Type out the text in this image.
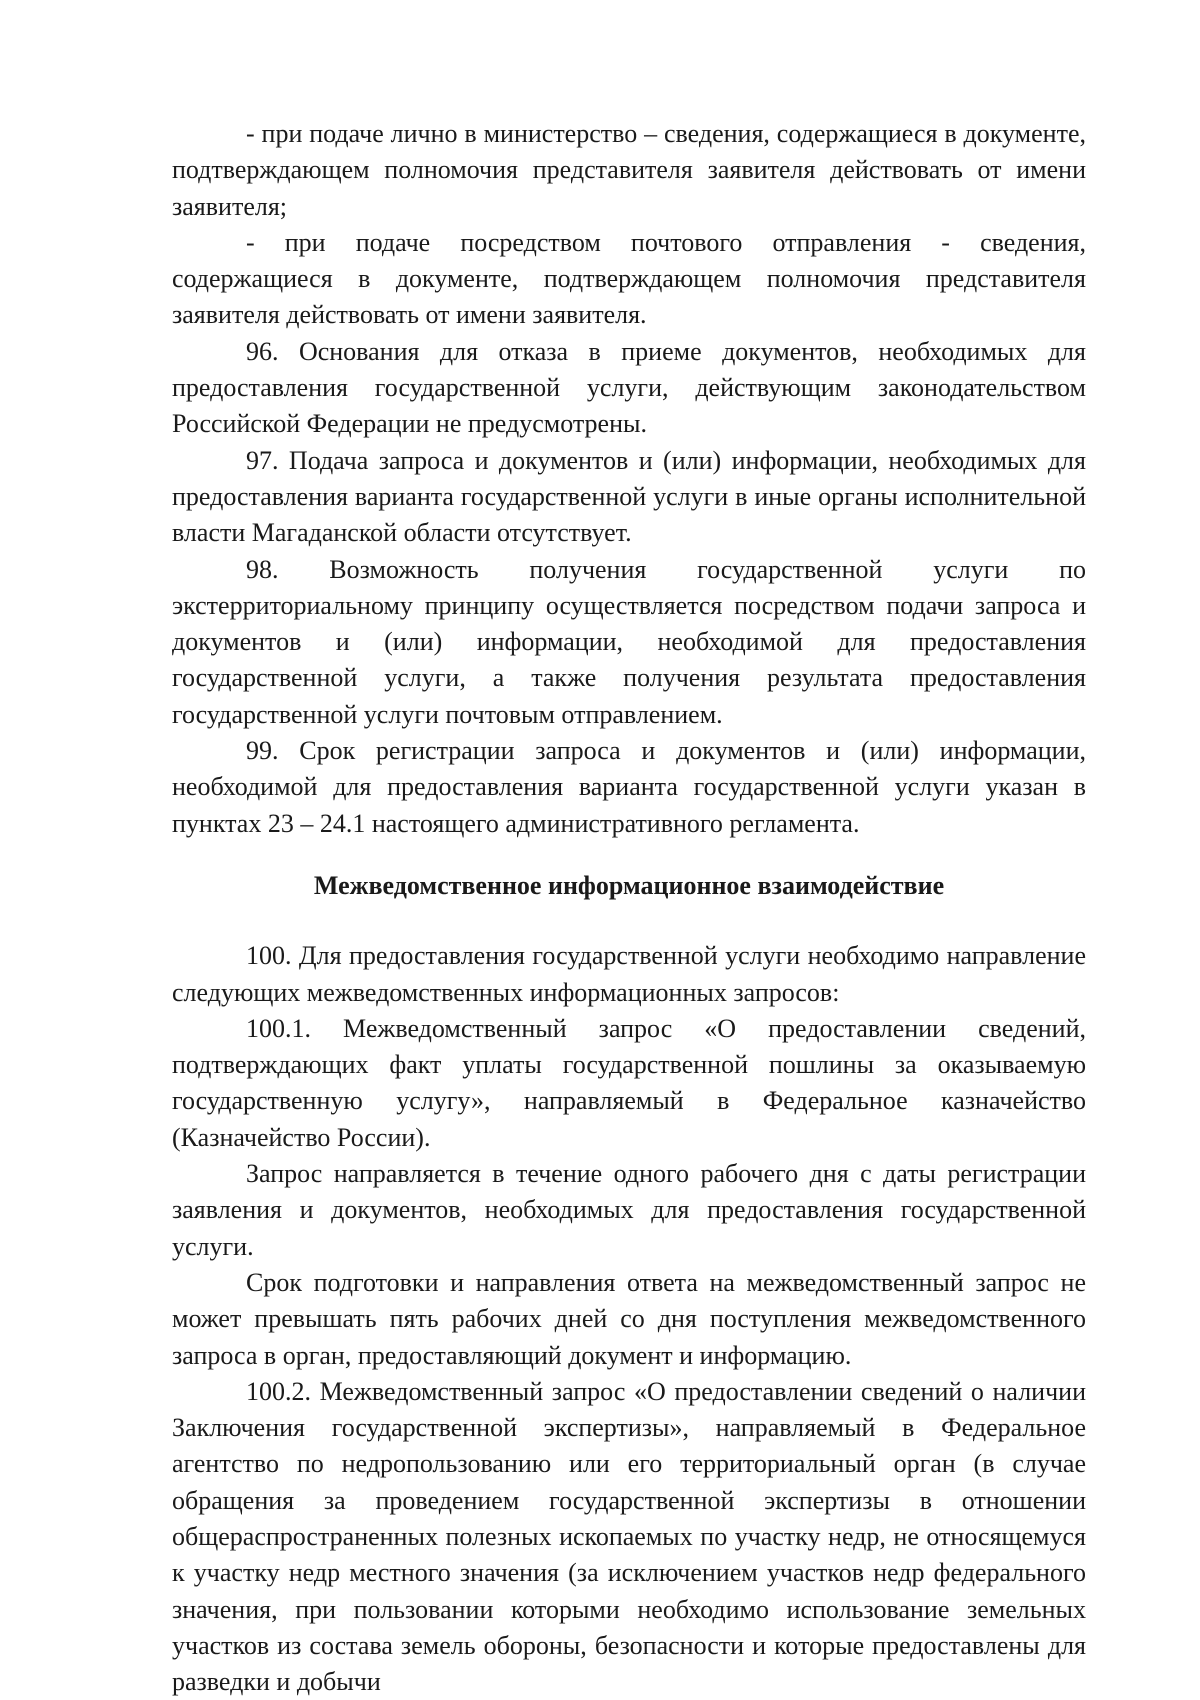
- при подаче лично в министерство – сведения, содержащиеся в документе, подтверждающем полномочия представителя заявителя действовать от имени заявителя;

- при подаче посредством почтового отправления - сведения, содержащиеся в документе, подтверждающем полномочия представителя заявителя действовать от имени заявителя.

96. Основания для отказа в приеме документов, необходимых для предоставления государственной услуги, действующим законодательством Российской Федерации не предусмотрены.

97. Подача запроса и документов и (или) информации, необходимых для предоставления варианта государственной услуги в иные органы исполнительной власти Магаданской области отсутствует.

98. Возможность получения государственной услуги по экстерриториальному принципу осуществляется посредством подачи запроса и документов и (или) информации, необходимой для предоставления государственной услуги, а также получения результата предоставления государственной услуги почтовым отправлением.

99. Срок регистрации запроса и документов и (или) информации, необходимой для предоставления варианта государственной услуги указан в пунктах 23 – 24.1 настоящего административного регламента.

Межведомственное информационное взаимодействие

100. Для предоставления государственной услуги необходимо направление следующих межведомственных информационных запросов:

100.1. Межведомственный запрос «О предоставлении сведений, подтверждающих факт уплаты государственной пошлины за оказываемую государственную услугу», направляемый в Федеральное казначейство (Казначейство России).

Запрос направляется в течение одного рабочего дня с даты регистрации заявления и документов, необходимых для предоставления государственной услуги.

Срок подготовки и направления ответа на межведомственный запрос не может превышать пять рабочих дней со дня поступления межведомственного запроса в орган, предоставляющий документ и информацию.

100.2. Межведомственный запрос «О предоставлении сведений о наличии Заключения государственной экспертизы», направляемый в Федеральное агентство по недропользованию или его территориальный орган (в случае обращения за проведением государственной экспертизы в отношении общераспространенных полезных ископаемых по участку недр, не относящемуся к участку недр местного значения (за исключением участков недр федерального значения, при пользовании которыми необходимо использование земельных участков из состава земель обороны, безопасности и которые предоставлены для разведки и добычи
